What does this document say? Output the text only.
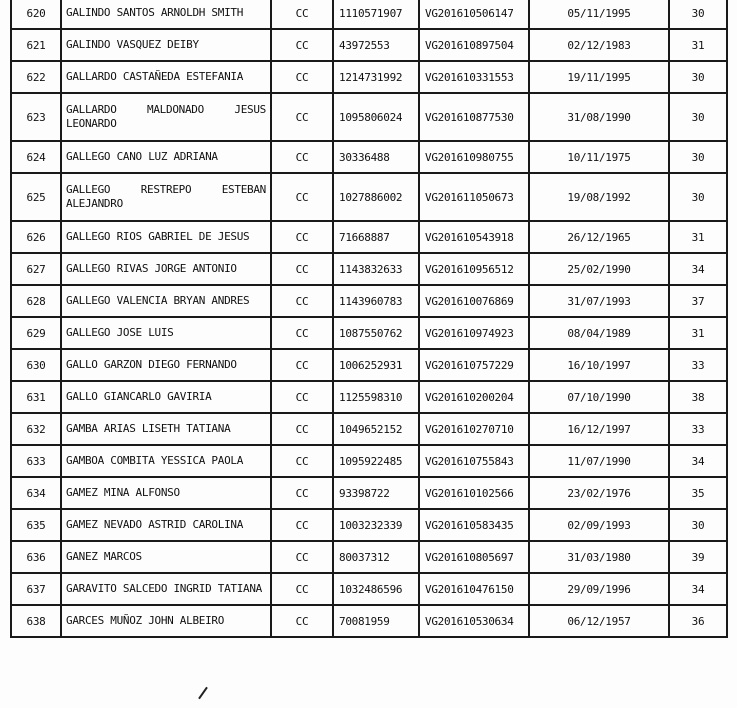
620	GALINDO SANTOS ARNOLDH SMITH	CC	1110571907	VG201610506147	05/11/1995	30
621	GALINDO VASQUEZ DEIBY	CC	43972553	VG201610897504	02/12/1983	31
622	GALLARDO CASTAÑEDA ESTEFANIA	CC	1214731992	VG201610331553	19/11/1995	30
623	GALLARDO MALDONADO JESUS LEONARDO	CC	1095806024	VG201610877530	31/08/1990	30
624	GALLEGO CANO LUZ ADRIANA	CC	30336488	VG201610980755	10/11/1975	30
625	GALLEGO RESTREPO ESTEBAN ALEJANDRO	CC	1027886002	VG201611050673	19/08/1992	30
626	GALLEGO RIOS GABRIEL DE JESUS	CC	71668887	VG201610543918	26/12/1965	31
627	GALLEGO RIVAS JORGE ANTONIO	CC	1143832633	VG201610956512	25/02/1990	34
628	GALLEGO VALENCIA BRYAN ANDRES	CC	1143960783	VG201610076869	31/07/1993	37
629	GALLEGO JOSE LUIS	CC	1087550762	VG201610974923	08/04/1989	31
630	GALLO GARZON DIEGO FERNANDO	CC	1006252931	VG201610757229	16/10/1997	33
631	GALLO GIANCARLO GAVIRIA	CC	1125598310	VG201610200204	07/10/1990	38
632	GAMBA ARIAS LISETH TATIANA	CC	1049652152	VG201610270710	16/12/1997	33
633	GAMBOA COMBITA YESSICA PAOLA	CC	1095922485	VG201610755843	11/07/1990	34
634	GAMEZ MINA ALFONSO	CC	93398722	VG201610102566	23/02/1976	35
635	GAMEZ NEVADO ASTRID CAROLINA	CC	1003232339	VG201610583435	02/09/1993	30
636	GANEZ MARCOS	CC	80037312	VG201610805697	31/03/1980	39
637	GARAVITO SALCEDO INGRID TATIANA	CC	1032486596	VG201610476150	29/09/1996	34
638	GARCES MUÑOZ JOHN ALBEIRO	CC	70081959	VG201610530634	06/12/1957	36
